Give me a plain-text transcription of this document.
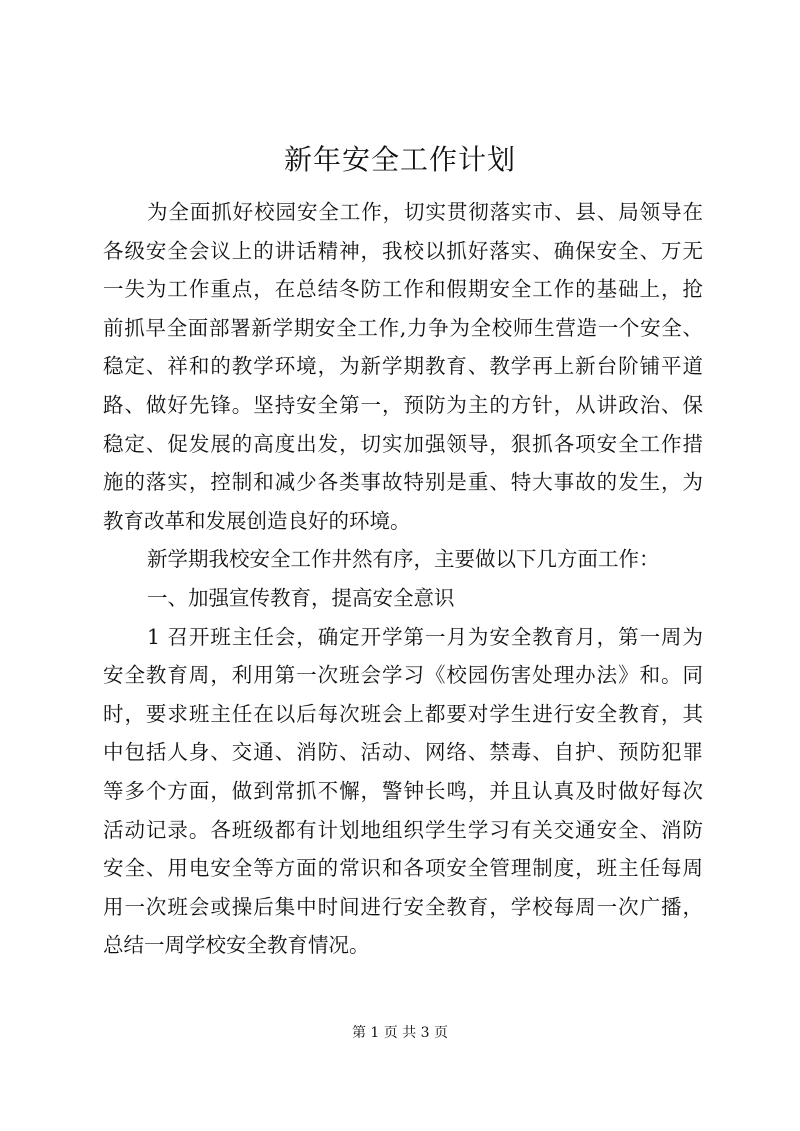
新年安全工作计划
为全面抓好校园安全工作，切实贯彻落实市、县、局领导在
各级安全会议上的讲话精神，我校以抓好落实、确保安全、万无
一失为工作重点，在总结冬防工作和假期安全工作的基础上，抢
前抓早全面部署新学期安全工作,力争为全校师生营造一个安全、
稳定、祥和的教学环境，为新学期教育、教学再上新台阶铺平道
路、做好先锋。坚持安全第一，预防为主的方针，从讲政治、保
稳定、促发展的高度出发，切实加强领导，狠抓各项安全工作措
施的落实，控制和减少各类事故特别是重、特大事故的发生，为
教育改革和发展创造良好的环境。
新学期我校安全工作井然有序，主要做以下几方面工作：
一、加强宣传教育，提高安全意识
1 召开班主任会，确定开学第一月为安全教育月，第一周为
安全教育周，利用第一次班会学习《校园伤害处理办法》和。同
时，要求班主任在以后每次班会上都要对学生进行安全教育，其
中包括人身、交通、消防、活动、网络、禁毒、自护、预防犯罪
等多个方面，做到常抓不懈，警钟长鸣，并且认真及时做好每次
活动记录。各班级都有计划地组织学生学习有关交通安全、消防
安全、用电安全等方面的常识和各项安全管理制度，班主任每周
用一次班会或操后集中时间进行安全教育，学校每周一次广播，
总结一周学校安全教育情况。
第 1 页 共 3 页
